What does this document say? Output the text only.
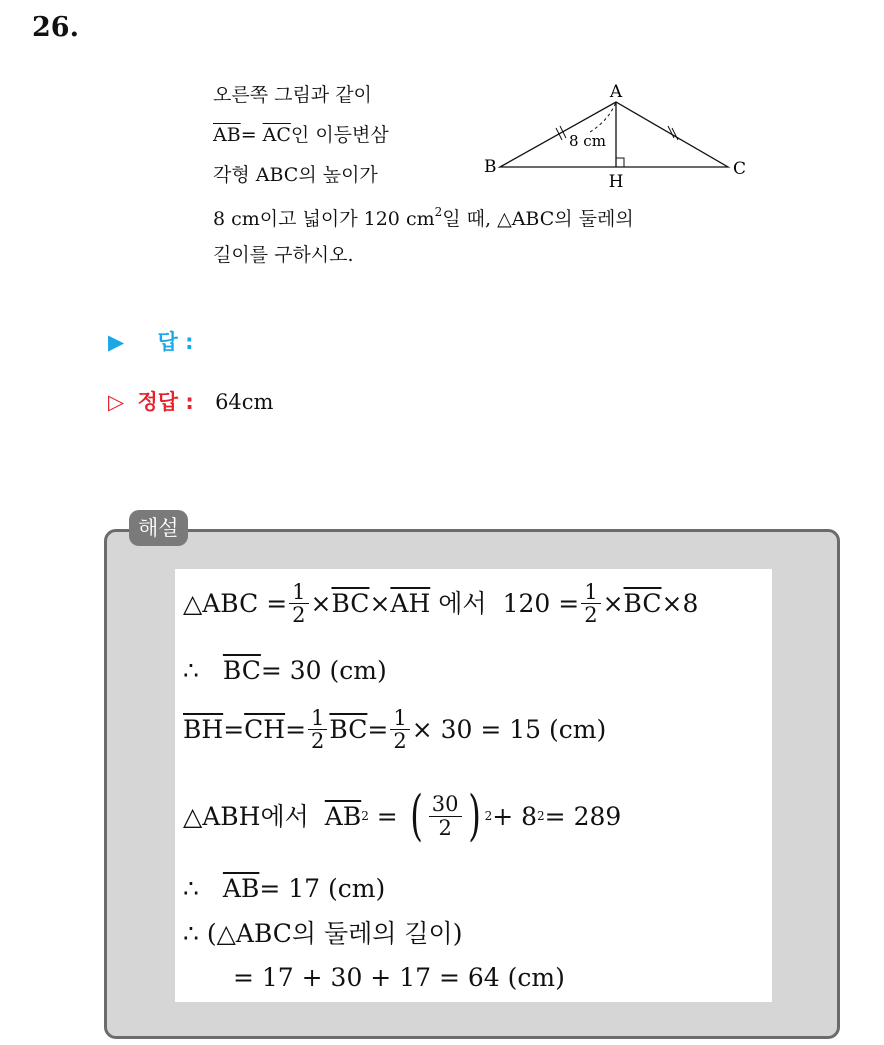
26.
오른쪽 그림과 같이
$\overline{AB}= \overline{AC}$인 이등변삼
각형 ABC의 높이가
8 cm이고 넓이가 120 $cm^2$일 때, △ABC의 둘레의
길이를 구하시오.
A
B	C
H
8 cm
▶ 답 :
▷ 정답 : 64cm
해설
△ABC = $\frac{1}{2} \times \overline{BC} \times \overline{AH}$ 에서 $120 = \frac{1}{2} \times \overline{BC} \times 8$
∴ $\overline{BC} = 30$ (cm)
$\overline{BH} = \overline{CH} = \frac{1}{2} \overline{BC} = \frac{1}{2} \times 30 = 15$ (cm)
△ABH에서 $\overline{AB}$ 2 = ( $\frac{30}{2}$ ) 2 + 8 2 = 289
∴ $\overline{AB} = 17$ (cm)
∴ (△ABC의 둘레의 길이)
= 17 + 30 + 17 = 64 (cm)
